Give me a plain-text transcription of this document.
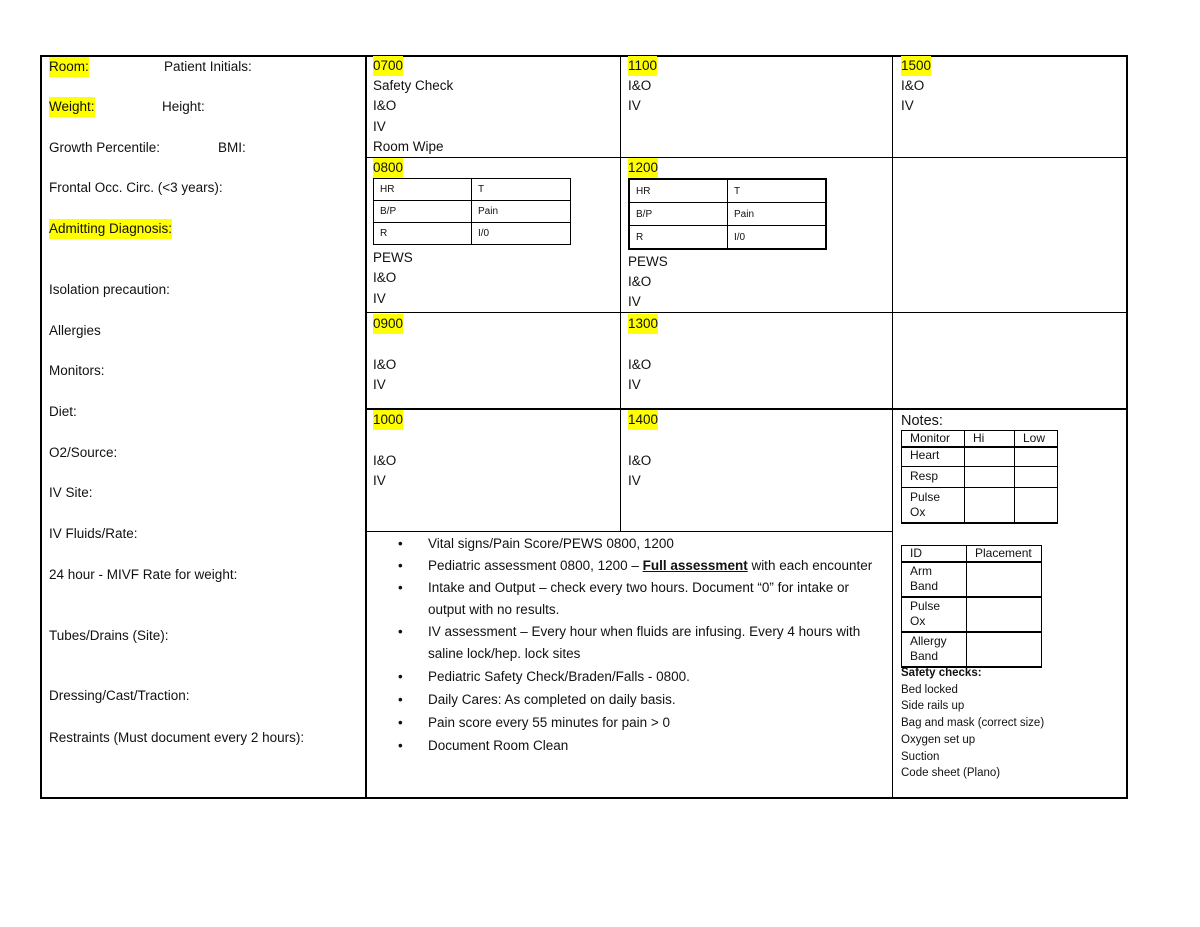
Room:	Patient Initials:
Weight:	Height:
Growth Percentile:	BMI:
Frontal Occ. Circ. (<3 years):
Admitting Diagnosis:
Isolation precaution:
Allergies
Monitors:
Diet:
O2/Source:
IV Site:
IV Fluids/Rate:
24 hour - MIVF Rate for weight:
Tubes/Drains (Site):
Dressing/Cast/Traction:
Restraints (Must document every 2 hours):
0700
Safety Check
I&O
IV
Room Wipe
1100
I&O
IV
1500
I&O
IV
0800
HR	T
B/P	Pain
R	I/0
PEWS
I&O
IV
1200
HR	T
B/P	Pain
R	I/0
PEWS
I&O
IV
0900
I&O
IV
1300
I&O
IV
1000
I&O
IV
1400
I&O
IV
• Vital signs/Pain Score/PEWS 0800, 1200
• Pediatric assessment 0800, 1200 – Full assessment with each encounter
• Intake and Output – check every two hours. Document “0” for intake or output with no results.
• IV assessment – Every hour when fluids are infusing. Every 4 hours with saline lock/hep. lock sites
• Pediatric Safety Check/Braden/Falls - 0800.
• Daily Cares: As completed on daily basis.
• Pain score every 55 minutes for pain > 0
• Document Room Clean
Notes:
Monitor	Hi	Low
Heart		
Resp		
Pulse Ox		
ID	Placement
Arm Band	
Pulse Ox	
Allergy Band	
Safety checks:
Bed locked
Side rails up
Bag and mask (correct size)
Oxygen set up
Suction
Code sheet (Plano)
